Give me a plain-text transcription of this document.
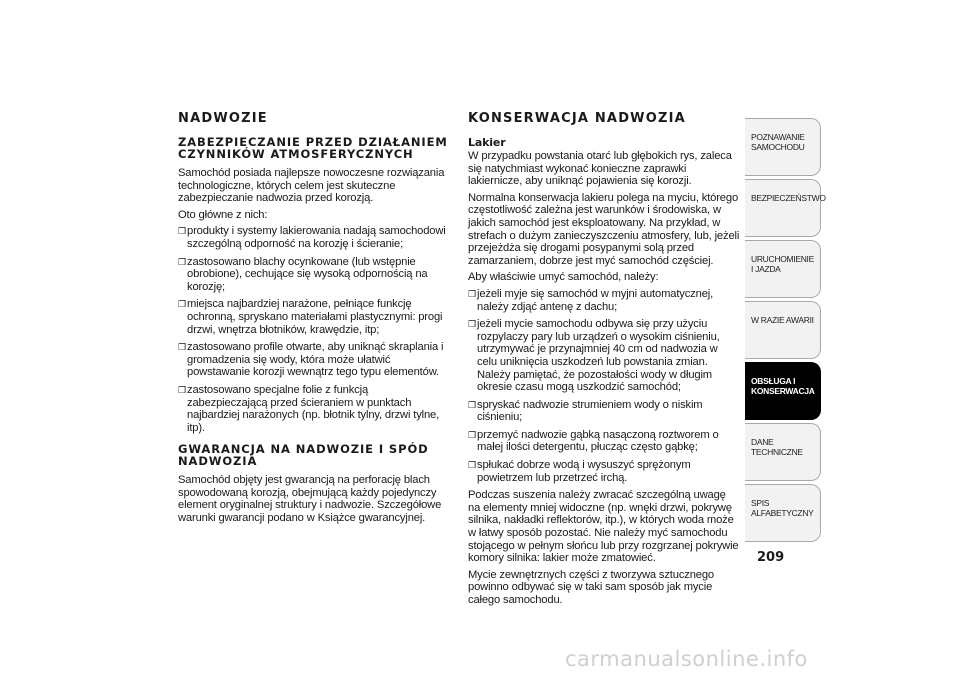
NADWOZIE
ZABEZPIECZANIE PRZED DZIAŁANIEM CZYNNIKÓW ATMOSFERYCZNYCH

Samochód posiada najlepsze nowoczesne rozwiązania technologiczne, których celem jest skuteczne zabezpieczanie nadwozia przed korozją.

Oto główne z nich:

❒ produkty i systemy lakierowania nadają samochodowi szczególną odporność na korozję i ścieranie;
❒ zastosowano blachy ocynkowane (lub wstępnie obrobione), cechujące się wysoką odpornością na korozję;
❒ miejsca najbardziej narażone, pełniące funkcję ochronną, spryskano materiałami plastycznymi: progi drzwi, wnętrza błotników, krawędzie, itp;
❒ zastosowano profile otwarte, aby uniknąć skraplania i gromadzenia się wody, która może ułatwić powstawanie korozji wewnątrz tego typu elementów.
❒ zastosowano specjalne folie z funkcją zabezpieczającą przed ścieraniem w punktach najbardziej narażonych (np. błotnik tylny, drzwi tylne, itp).
GWARANCJA NA NADWOZIE I SPÓD NADWOZIA

Samochód objęty jest gwarancją na perforację blach spowodowaną korozją, obejmującą każdy pojedynczy element oryginalnej struktury i nadwozie. Szczegółowe warunki gwarancji podano w Książce gwarancyjnej.

KONSERWACJA NADWOZIA
Lakier

W przypadku powstania otarć lub głębokich rys, zaleca się natychmiast wykonać konieczne zaprawki lakiernicze, aby uniknąć pojawienia się korozji.

Normalna konserwacja lakieru polega na myciu, którego częstotliwość zależna jest warunków i środowiska, w jakich samochód jest eksploatowany. Na przykład, w strefach o dużym zanieczyszczeniu atmosfery, lub, jeżeli przejeżdża się drogami posypanymi solą przed zamarzaniem, dobrze jest myć samochód częściej.

Aby właściwie umyć samochód, należy:

❒ jeżeli myje się samochód w myjni automatycznej, należy zdjąć antenę z dachu;
❒ jeżeli mycie samochodu odbywa się przy użyciu rozpylaczy pary lub urządzeń o wysokim ciśnieniu, utrzymywać je przynajmniej 40 cm od nadwozia w celu uniknięcia uszkodzeń lub powstania zmian. Należy pamiętać, że pozostałości wody w długim okresie czasu mogą uszkodzić samochód;
❒ spryskać nadwozie strumieniem wody o niskim ciśnieniu;
❒ przemyć nadwozie gąbką nasączoną roztworem o małej ilości detergentu, płucząc często gąbkę;
❒ spłukać dobrze wodą i wysuszyć sprężonym powietrzem lub przetrzeć irchą.

Podczas suszenia należy zwracać szczególną uwagę na elementy mniej widoczne (np. wnęki drzwi, pokrywę silnika, nakładki reflektorów, itp.), w których woda może w łatwy sposób pozostać. Nie należy myć samochodu stojącego w pełnym słońcu lub przy rozgrzanej pokrywie komory silnika: lakier może zmatowieć.

Mycie zewnętrznych części z tworzywa sztucznego powinno odbywać się w taki sam sposób jak mycie całego samochodu.

POZNAWANIE SAMOCHODU
BEZPIECZEŃSTWO
URUCHOMIENIE I JAZDA
W RAZIE AWARII
OBSŁUGA I KONSERWACJA
DANE TECHNICZNE
SPIS ALFABETYCZNY
209
carmanualsonline.info
